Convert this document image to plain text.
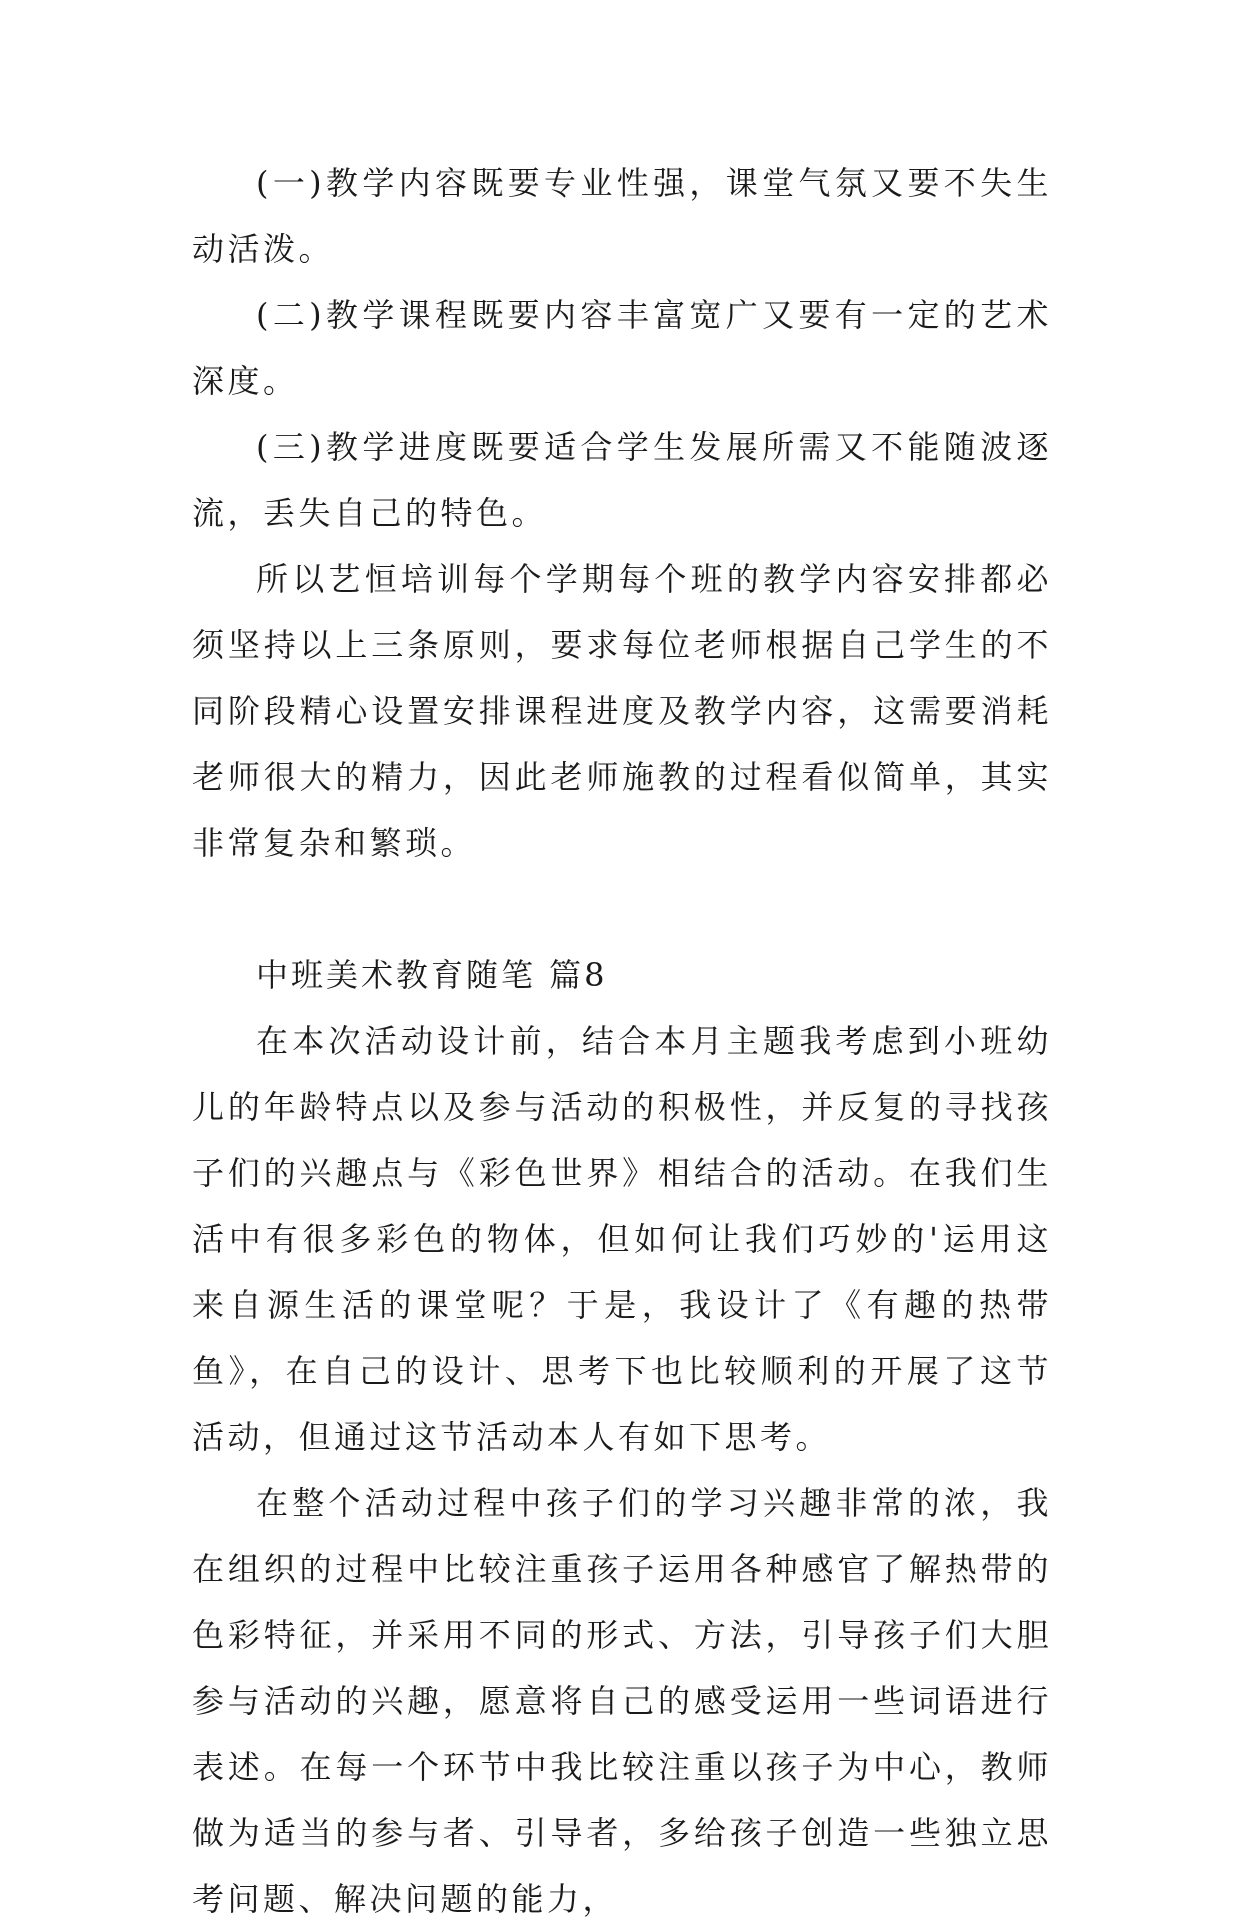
(一)教学内容既要专业性强，课堂气氛又要不失生动活泼。

(二)教学课程既要内容丰富宽广又要有一定的艺术深度。

(三)教学进度既要适合学生发展所需又不能随波逐流，丢失自己的特色。

所以艺恒培训每个学期每个班的教学内容安排都必须坚持以上三条原则，要求每位老师根据自己学生的不同阶段精心设置安排课程进度及教学内容，这需要消耗老师很大的精力，因此老师施教的过程看似简单，其实非常复杂和繁琐。

中班美术教育随笔 篇8

在本次活动设计前，结合本月主题我考虑到小班幼儿的年龄特点以及参与活动的积极性，并反复的寻找孩子们的兴趣点与《彩色世界》相结合的活动。在我们生活中有很多彩色的物体，但如何让我们巧妙的'运用这来自源生活的课堂呢？于是，我设计了《有趣的热带鱼》，在自己的设计、思考下也比较顺利的开展了这节活动，但通过这节活动本人有如下思考。

在整个活动过程中孩子们的学习兴趣非常的浓，我在组织的过程中比较注重孩子运用各种感官了解热带的色彩特征，并采用不同的形式、方法，引导孩子们大胆参与活动的兴趣，愿意将自己的感受运用一些词语进行表述。在每一个环节中我比较注重以孩子为中心，教师做为适当的参与者、引导者，多给孩子创造一些独立思考问题、解决问题的能力，
